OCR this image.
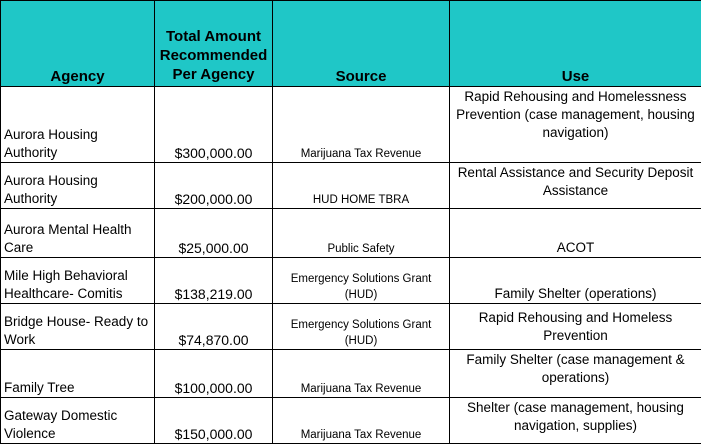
Agency	Total Amount Recommended Per Agency	Source	Use
Aurora Housing Authority	$300,000.00	Marijuana Tax Revenue	Rapid Rehousing and Homelessness Prevention (case management, housing navigation)
Aurora Housing Authority	$200,000.00	HUD HOME TBRA	Rental Assistance and Security Deposit Assistance
Aurora Mental Health Care	$25,000.00	Public Safety	ACOT
Mile High Behavioral Healthcare- Comitis	$138,219.00	Emergency Solutions Grant (HUD)	Family Shelter (operations)
Bridge House- Ready to Work	$74,870.00	Emergency Solutions Grant (HUD)	Rapid Rehousing and Homeless Prevention
Family Tree	$100,000.00	Marijuana Tax Revenue	Family Shelter (case management & operations)
Gateway Domestic Violence	$150,000.00	Marijuana Tax Revenue	Shelter (case management, housing navigation, supplies)
